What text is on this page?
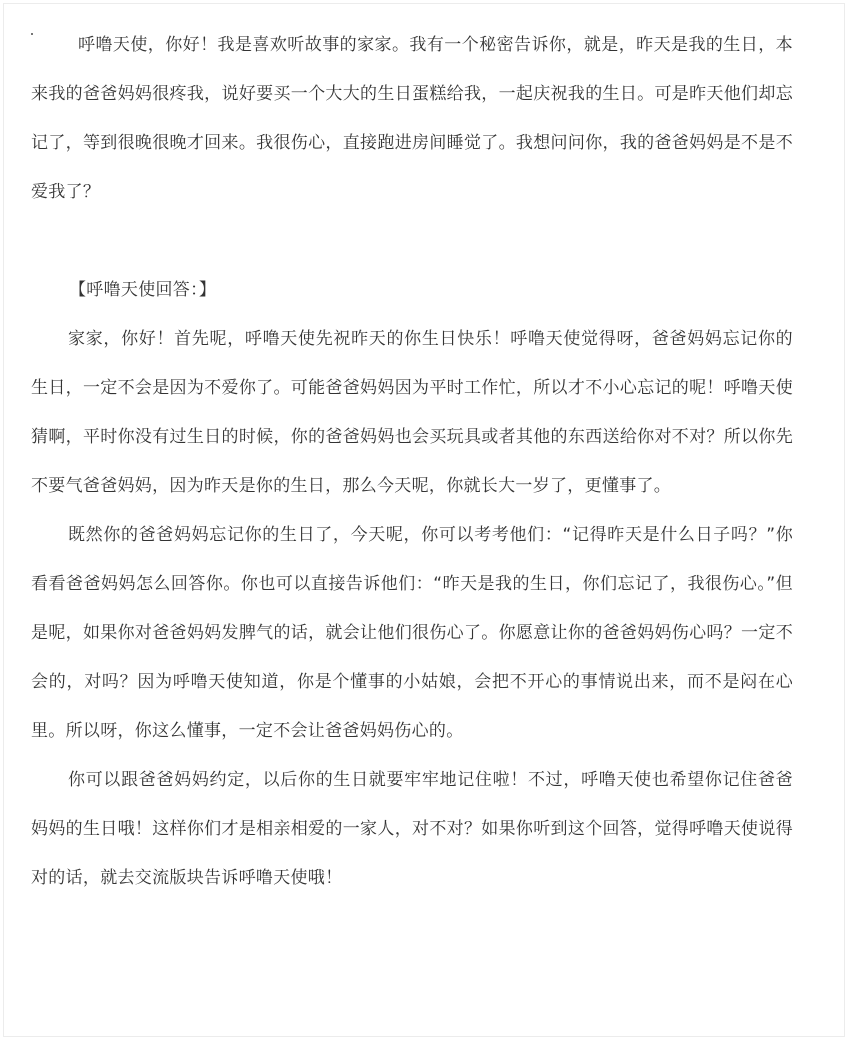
呼噜天使，你好！我是喜欢听故事的家家。我有一个秘密告诉你，就是，昨天是我的生日，本来我的爸爸妈妈很疼我，说好要买一个大大的生日蛋糕给我，一起庆祝我的生日。可是昨天他们却忘记了，等到很晚很晚才回来。我很伤心，直接跑进房间睡觉了。我想问问你，我的爸爸妈妈是不是不爱我了？

【呼噜天使回答：】

家家，你好！首先呢，呼噜天使先祝昨天的你生日快乐！呼噜天使觉得呀，爸爸妈妈忘记你的生日，一定不会是因为不爱你了。可能爸爸妈妈因为平时工作忙，所以才不小心忘记的呢！呼噜天使猜啊，平时你没有过生日的时候，你的爸爸妈妈也会买玩具或者其他的东西送给你对不对？所以你先不要气爸爸妈妈，因为昨天是你的生日，那么今天呢，你就长大一岁了，更懂事了。

既然你的爸爸妈妈忘记你的生日了，今天呢，你可以考考他们：“记得昨天是什么日子吗？”你看看爸爸妈妈怎么回答你。你也可以直接告诉他们：“昨天是我的生日，你们忘记了，我很伤心。”但是呢，如果你对爸爸妈妈发脾气的话，就会让他们很伤心了。你愿意让你的爸爸妈妈伤心吗？一定不会的，对吗？因为呼噜天使知道，你是个懂事的小姑娘，会把不开心的事情说出来，而不是闷在心里。所以呀，你这么懂事，一定不会让爸爸妈妈伤心的。

你可以跟爸爸妈妈约定，以后你的生日就要牢牢地记住啦！不过，呼噜天使也希望你记住爸爸妈妈的生日哦！这样你们才是相亲相爱的一家人，对不对？如果你听到这个回答，觉得呼噜天使说得对的话，就去交流版块告诉呼噜天使哦！
